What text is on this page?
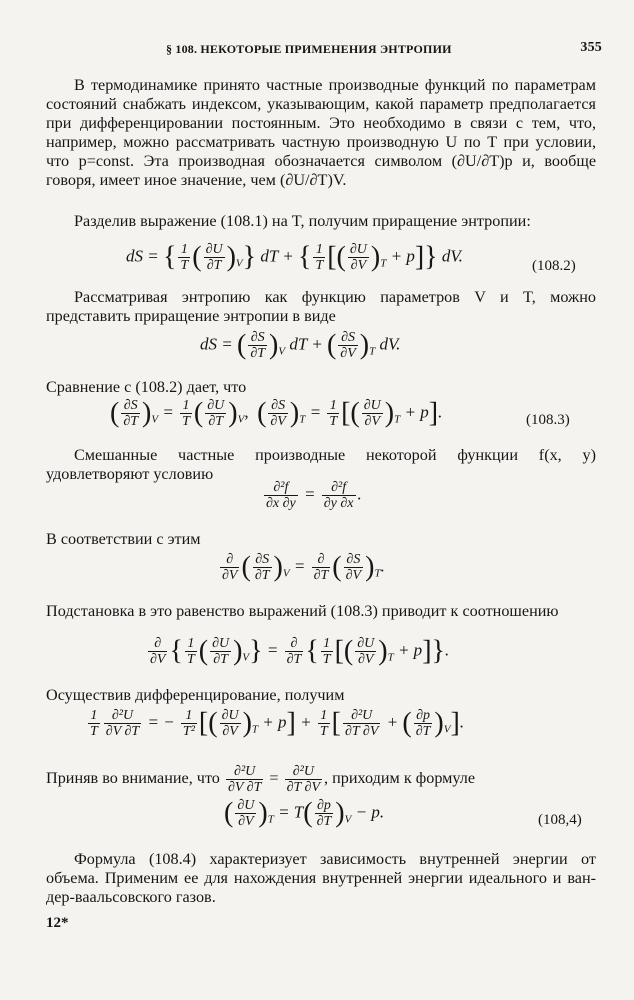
§ 108. НЕКОТОРЫЕ ПРИМЕНЕНИЯ ЭНТРОПИИ	355
В термодинамике принято частные производные функций по параметрам состояний снабжать индексом, указывающим, какой параметр предполагается при дифференцировании постоянным. Это необходимо в связи с тем, что, например, можно рассматривать частную производную U по T при условии, что p=const. Эта производная обозначается символом (∂U/∂T)p и, вообще говоря, имеет иное значение, чем (∂U/∂T)V.
Разделив выражение (108.1) на T, получим приращение энтропии:
dS = { $\frac{1}{T}$ ( $\frac{\partial U}{\partial T} )_V$} dT + { $\frac{1}{T}$ [( $\frac{\partial U}{\partial V} )_T + p$]} dV.
(108.2)
Рассматривая энтропию как функцию параметров V и T, можно представить приращение энтропии в виде
dS = ( $\frac{\partial S}{\partial T} )_V$ dT + ( $\frac{\partial S}{\partial V} )_T$ dV.
Сравнение с (108.2) дает, что
( $\frac{\partial S}{\partial T} )_V = \frac{1}{T}$ ( $\frac{\partial U}{\partial T} )_V$,  ( $\frac{\partial S}{\partial V} )_T = \frac{1}{T}$ [( $\frac{\partial U}{\partial V} )_T + p$].	(108.3)
Смешанные частные производные некоторой функции f(x, y) удовлетворяют условию
$\frac{\text{∂²f}}{\partial x \partial y} = \frac{\text{∂²f}}{\partial y \partial x}$ .
В соответствии с этим
$\frac{\partial}{\partial V}$ ( $\frac{\partial S}{\partial T} )_V = \frac{\partial}{\partial T}$ ( $\frac{\partial S}{\partial V} )_T$.
Подстановка в это равенство выражений (108.3) приводит к соотношению
$\frac{\partial}{\partial V}$ { $\frac{1}{T}$ ( $\frac{\partial U}{\partial T} )_V\} = \frac{\partial}{\partial T}$ { $\frac{1}{T}$ [( $\frac{\partial U}{\partial V} )_T + p$]}.
Осуществив дифференцирование, получим
$\frac{1}{T} \frac{\text{∂²U}}{\partial V \partial T}$ = − $\frac{1}{\text{T²}}$ [( $\frac{\partial U}{\partial V} )_T + p] + \frac{1}{T}$ [ $\frac{\text{∂²U}}{\partial T \partial V}$ + ( $\frac{\partial p}{\partial T} )_V$].
Приняв во внимание, что $\frac{\text{∂²U}}{\partial V \partial T} = \frac{\text{∂²U}}{\partial T \partial V}$ , приходим к формуле
( $\frac{\partial U}{\partial V} )_T = T( \frac{\partial p}{\partial T} )_V - p$.	(108,4)
Формула (108.4) характеризует зависимость внутренней энергии от объема. Применим ее для нахождения внутренней энергии идеального и ван-дер-ваальсовского газов.
12*
